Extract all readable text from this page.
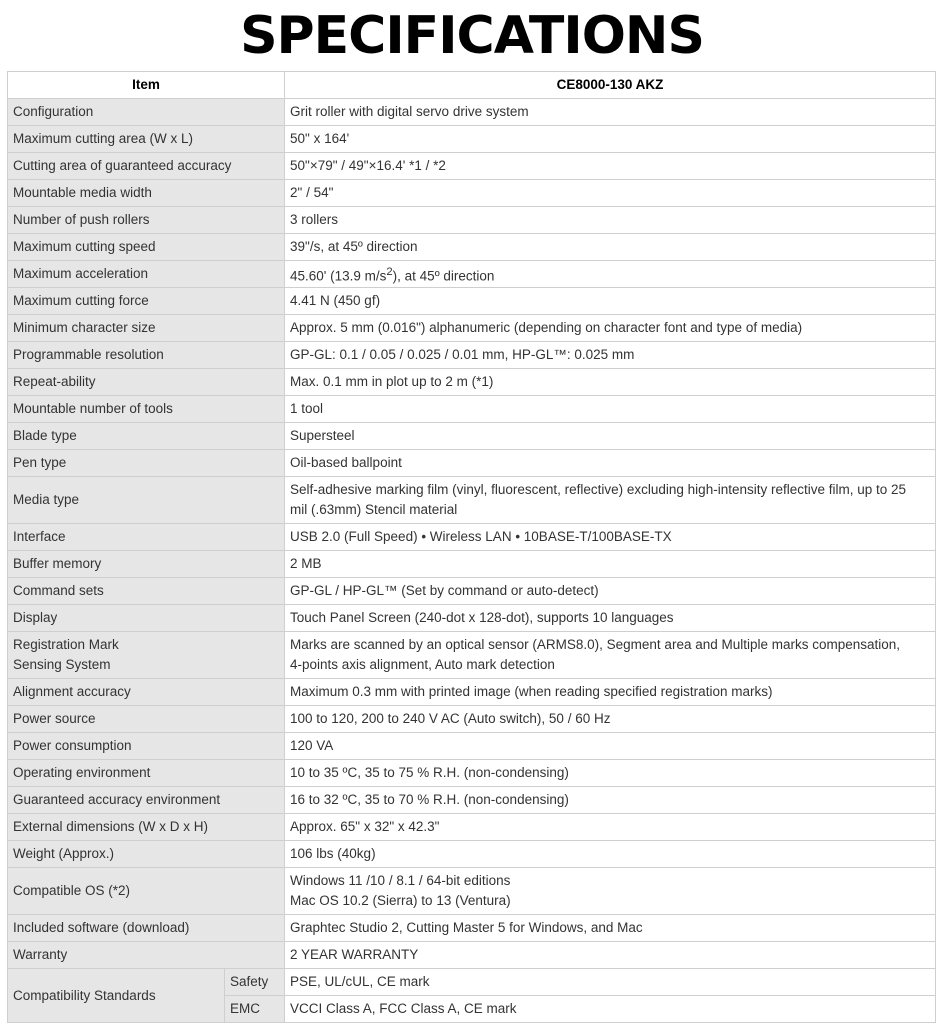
SPECIFICATIONS
Item		CE8000-130 AKZ
Configuration		Grit roller with digital servo drive system
Maximum cutting area (W x L)		50" x 164'
Cutting area of guaranteed accuracy		50"×79" / 49"×16.4' *1 / *2
Mountable media width		2" / 54"
Number of push rollers		3 rollers
Maximum cutting speed		39"/s, at 45º direction
Maximum acceleration		45.60' (13.9 $m/s^2$), at 45º direction
Maximum cutting force		4.41 N (450 gf)
Minimum character size		Approx. 5 mm (0.016") alphanumeric (depending on character font and type of media)
Programmable resolution		GP-GL: 0.1 / 0.05 / 0.025 / 0.01 mm, HP-GL™: 0.025 mm
Repeat-ability		Max. 0.1 mm in plot up to 2 m (*1)
Mountable number of tools		1 tool
Blade type		Supersteel
Pen type		Oil-based ballpoint
Media type		Self-adhesive marking film (vinyl, fluorescent, reflective) excluding high-intensity reflective film, up to 25
mil (.63mm) Stencil material

Interface		USB 2.0 (Full Speed) • Wireless LAN • 10BASE-T/100BASE-TX
Buffer memory		2 MB
Command sets		GP-GL / HP-GL™ (Set by command or auto-detect)
Display		Touch Panel Screen (240-dot x 128-dot), supports 10 languages

Registration Mark
Sensing System		Marks are scanned by an optical sensor (ARMS8.0), Segment area and Multiple marks compensation,
4-points axis alignment, Auto mark detection

Alignment accuracy		Maximum 0.3 mm with printed image (when reading specified registration marks)
Power source		100 to 120, 200 to 240 V AC (Auto switch), 50 / 60 Hz
Power consumption		120 VA
Operating environment		10 to 35 ºC, 35 to 75 % R.H. (non-condensing)
Guaranteed accuracy environment		16 to 32 ºC, 35 to 70 % R.H. (non-condensing)
External dimensions (W x D x H)		Approx. 65" x 32" x 42.3"
Weight (Approx.)		106 lbs (40kg)
Compatible OS (*2)		Windows 11 /10 / 8.1 / 64-bit editions
Mac OS 10.2 (Sierra) to 13 (Ventura)

Included software (download)		Graphtec Studio 2, Cutting Master 5 for Windows, and Mac
Warranty		2 YEAR WARRANTY
Compatibility Standards	Safety	PSE, UL/cUL, CE mark
	EMC	VCCI Class A, FCC Class A, CE mark
